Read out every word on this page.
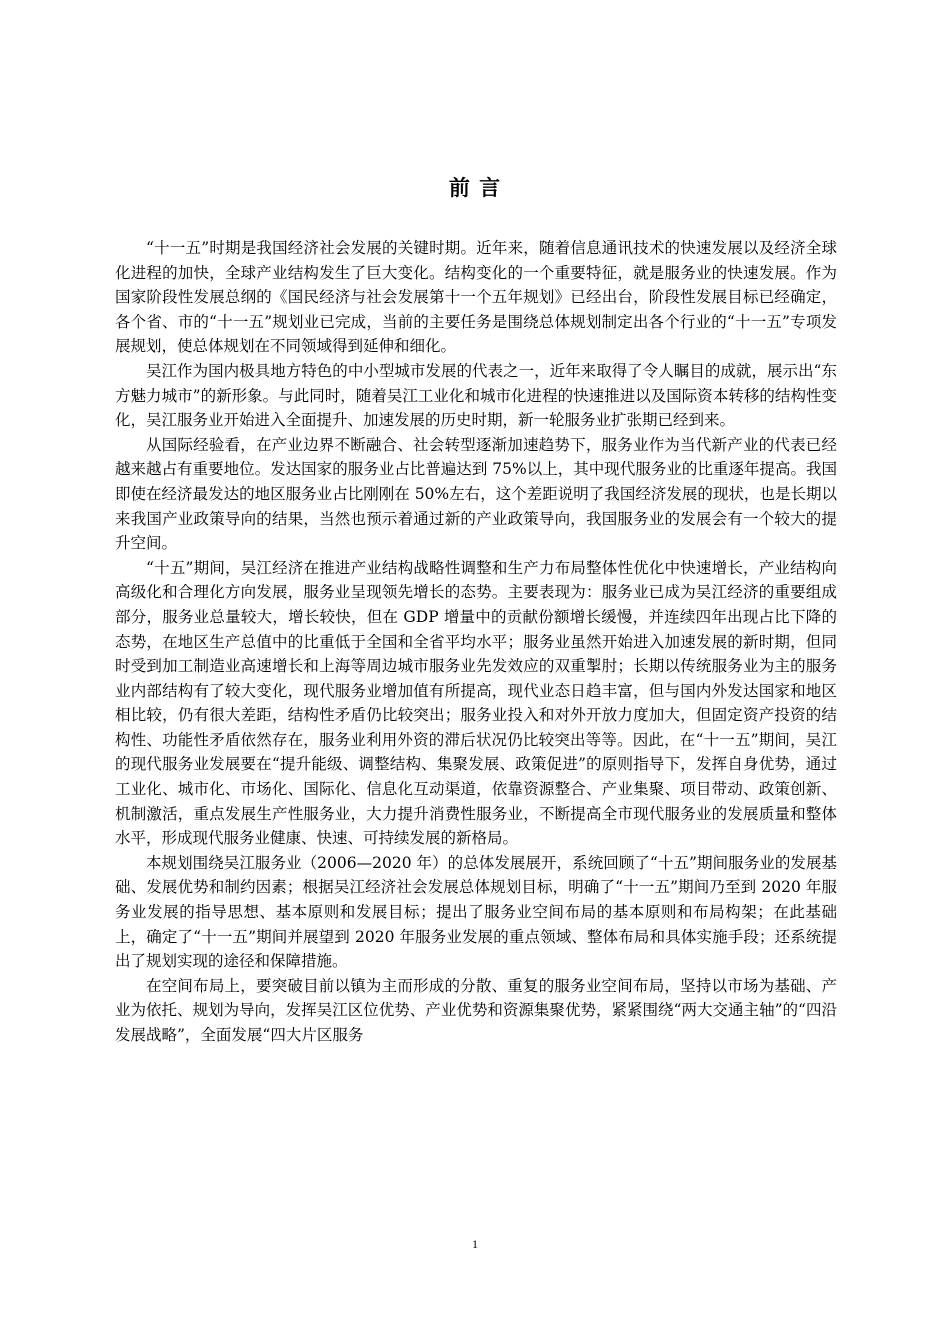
前 言

“十一五”时期是我国经济社会发展的关键时期。近年来，随着信息通讯技术的快速发展以及经济全球化进程的加快，全球产业结构发生了巨大变化。结构变化的一个重要特征，就是服务业的快速发展。作为国家阶段性发展总纲的《国民经济与社会发展第十一个五年规划》已经出台，阶段性发展目标已经确定，各个省、市的“十一五”规划业已完成，当前的主要任务是围绕总体规划制定出各个行业的“十一五”专项发展规划，使总体规划在不同领域得到延伸和细化。

吴江作为国内极具地方特色的中小型城市发展的代表之一，近年来取得了令人瞩目的成就，展示出“东方魅力城市”的新形象。与此同时，随着吴江工业化和城市化进程的快速推进以及国际资本转移的结构性变化，吴江服务业开始进入全面提升、加速发展的历史时期，新一轮服务业扩张期已经到来。

从国际经验看，在产业边界不断融合、社会转型逐渐加速趋势下，服务业作为当代新产业的代表已经越来越占有重要地位。发达国家的服务业占比普遍达到 75%以上，其中现代服务业的比重逐年提高。我国即使在经济最发达的地区服务业占比刚刚在 50%左右，这个差距说明了我国经济发展的现状，也是长期以来我国产业政策导向的结果，当然也预示着通过新的产业政策导向，我国服务业的发展会有一个较大的提升空间。

“十五”期间，吴江经济在推进产业结构战略性调整和生产力布局整体性优化中快速增长，产业结构向高级化和合理化方向发展，服务业呈现领先增长的态势。主要表现为：服务业已成为吴江经济的重要组成部分，服务业总量较大，增长较快，但在 GDP 增量中的贡献份额增长缓慢，并连续四年出现占比下降的态势，在地区生产总值中的比重低于全国和全省平均水平；服务业虽然开始进入加速发展的新时期，但同时受到加工制造业高速增长和上海等周边城市服务业先发效应的双重掣肘；长期以传统服务业为主的服务业内部结构有了较大变化，现代服务业增加值有所提高，现代业态日趋丰富，但与国内外发达国家和地区相比较，仍有很大差距，结构性矛盾仍比较突出；服务业投入和对外开放力度加大，但固定资产投资的结构性、功能性矛盾依然存在，服务业利用外资的滞后状况仍比较突出等等。因此，在“十一五”期间，吴江的现代服务业发展要在“提升能级、调整结构、集聚发展、政策促进”的原则指导下，发挥自身优势，通过工业化、城市化、市场化、国际化、信息化互动渠道，依靠资源整合、产业集聚、项目带动、政策创新、机制激活，重点发展生产性服务业，大力提升消费性服务业，不断提高全市现代服务业的发展质量和整体水平，形成现代服务业健康、快速、可持续发展的新格局。

本规划围绕吴江服务业（2006—2020 年）的总体发展展开，系统回顾了“十五”期间服务业的发展基础、发展优势和制约因素；根据吴江经济社会发展总体规划目标，明确了“十一五”期间乃至到 2020 年服务业发展的指导思想、基本原则和发展目标；提出了服务业空间布局的基本原则和布局构架；在此基础上，确定了“十一五”期间并展望到 2020 年服务业发展的重点领域、整体布局和具体实施手段；还系统提出了规划实现的途径和保障措施。

在空间布局上，要突破目前以镇为主而形成的分散、重复的服务业空间布局，坚持以市场为基础、产业为依托、规划为导向，发挥吴江区位优势、产业优势和资源集聚优势，紧紧围绕“两大交通主轴”的“四沿发展战略”，全面发展“四大片区服务

1
